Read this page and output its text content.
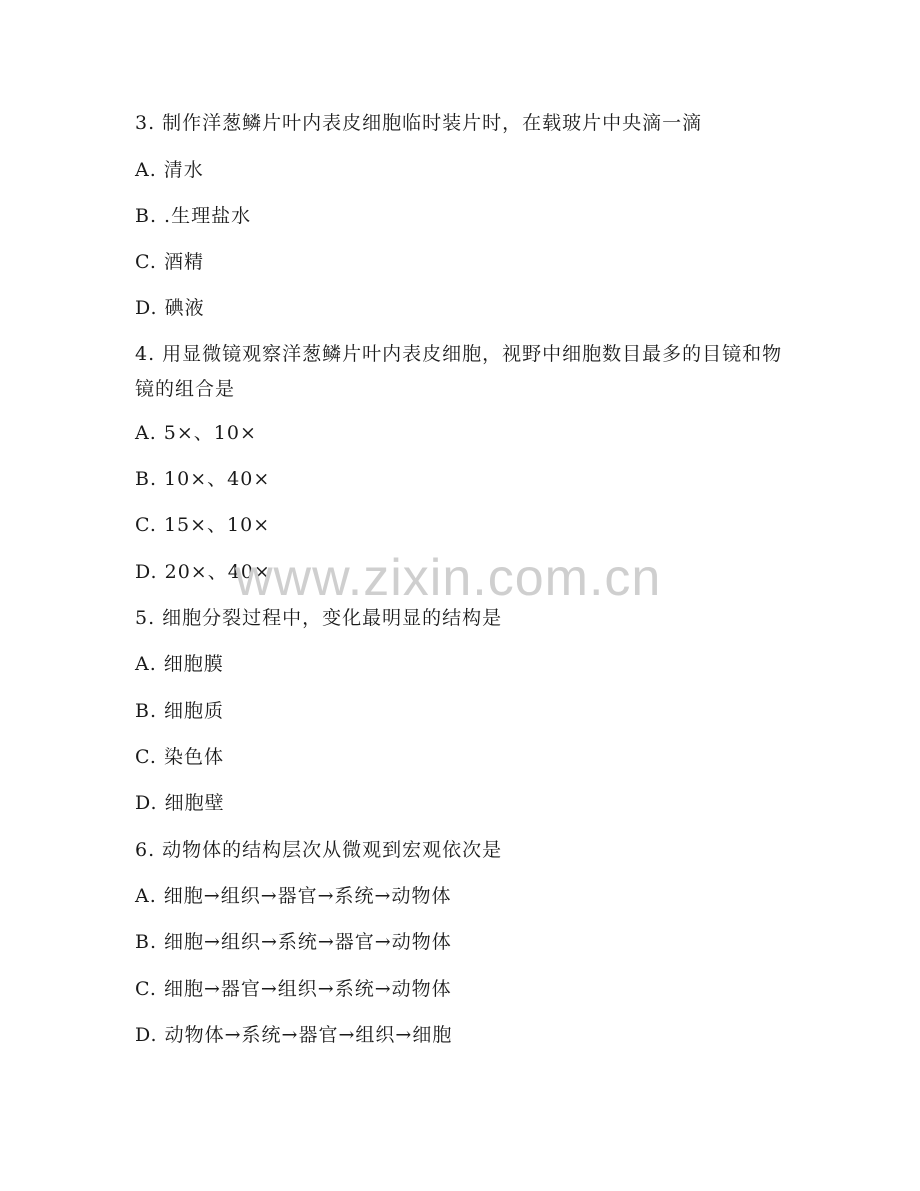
3. 制作洋葱鳞片叶内表皮细胞临时装片时，在载玻片中央滴一滴
A. 清水
B. .生理盐水
C. 酒精
D. 碘液
4. 用显微镜观察洋葱鳞片叶内表皮细胞，视野中细胞数目最多的目镜和物镜的组合是
A. 5×、10×
B. 10×、40×
C. 15×、10×
D. 20×、40×
5. 细胞分裂过程中，变化最明显的结构是
A. 细胞膜
B. 细胞质
C. 染色体
D. 细胞壁
6. 动物体的结构层次从微观到宏观依次是
A. 细胞→组织→器官→系统→动物体
B. 细胞→组织→系统→器官→动物体
C. 细胞→器官→组织→系统→动物体
D. 动物体→系统→器官→组织→细胞
www.zixin.com.cn
